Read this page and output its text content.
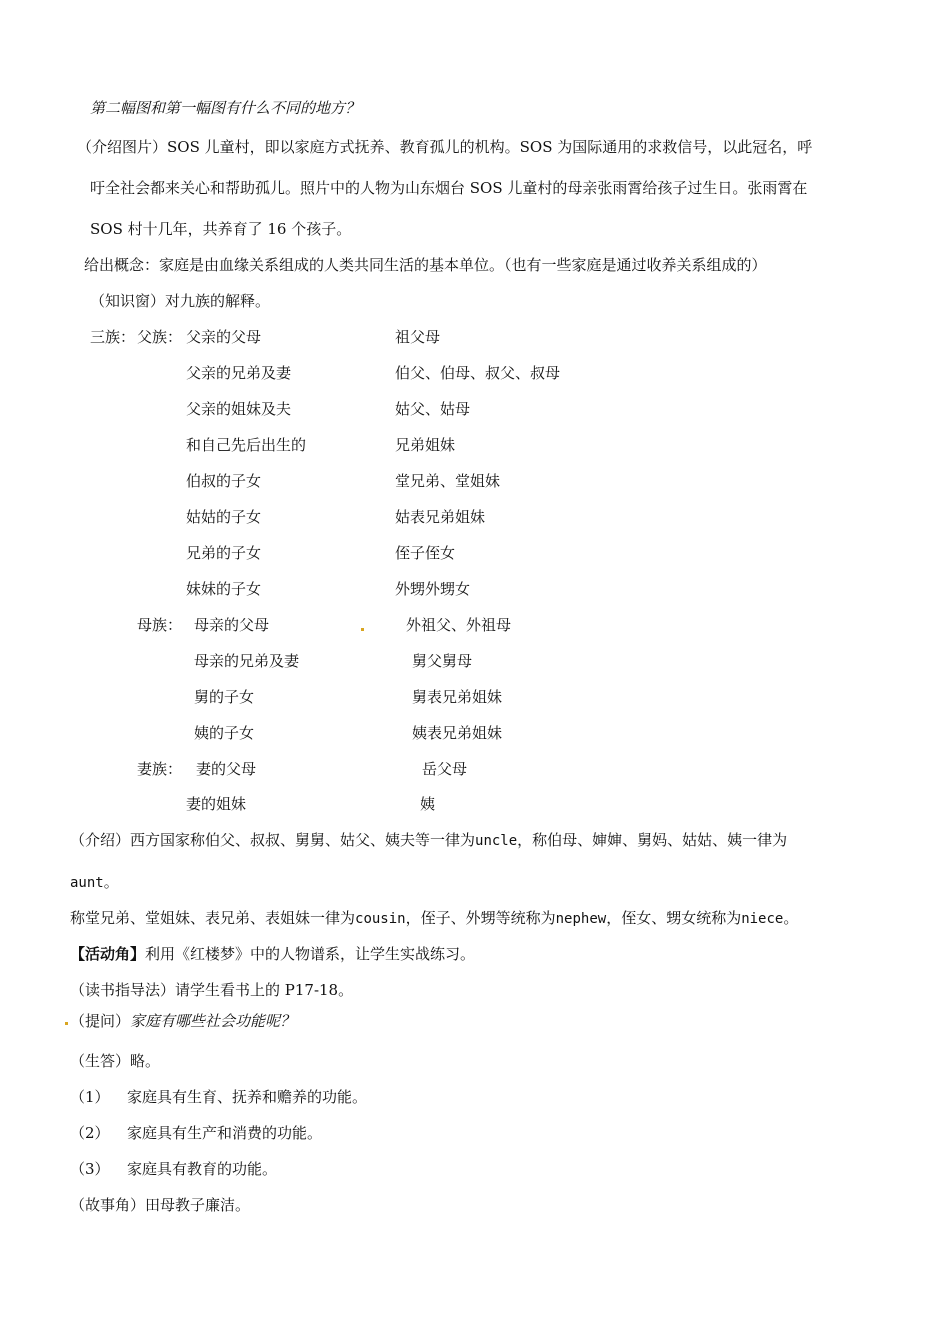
第二幅图和第一幅图有什么不同的地方？
（介绍图片）SOS 儿童村，即以家庭方式抚养、教育孤儿的机构。SOS 为国际通用的求救信号，以此冠名，呼
吁全社会都来关心和帮助孤儿。照片中的人物为山东烟台 SOS 儿童村的母亲张雨霄给孩子过生日。张雨霄在
SOS 村十几年，共养育了 16 个孩子。
给出概念：家庭是由血缘关系组成的人类共同生活的基本单位。（也有一些家庭是通过收养关系组成的）
（知识窗）对九族的解释。
三族： 父族： 父亲的父母	祖父母
父亲的兄弟及妻	伯父、伯母、叔父、叔母
父亲的姐妹及夫	姑父、姑母
和自己先后出生的	兄弟姐妹
伯叔的子女	堂兄弟、堂姐妹
姑姑的子女	姑表兄弟姐妹
兄弟的子女	侄子侄女
妹妹的子女	外甥外甥女
母族： 母亲的父母	外祖父、外祖母
母亲的兄弟及妻	舅父舅母
舅的子女	舅表兄弟姐妹
姨的子女	姨表兄弟姐妹
妻族： 妻的父母	岳父母
妻的姐妹	姨
（介绍）西方国家称伯父、叔叔、舅舅、姑父、姨夫等一律为uncle，称伯母、婶婶、舅妈、姑姑、姨一律为
aunt。
称堂兄弟、堂姐妹、表兄弟、表姐妹一律为cousin，侄子、外甥等统称为nephew，侄女、甥女统称为niece。
【活动角】利用《红楼梦》中的人物谱系，让学生实战练习。
（读书指导法）请学生看书上的 P17-18。
（提问）家庭有哪些社会功能呢？
（生答）略。
（1） 家庭具有生育、抚养和赡养的功能。
（2） 家庭具有生产和消费的功能。
（3） 家庭具有教育的功能。
（故事角）田母教子廉洁。
